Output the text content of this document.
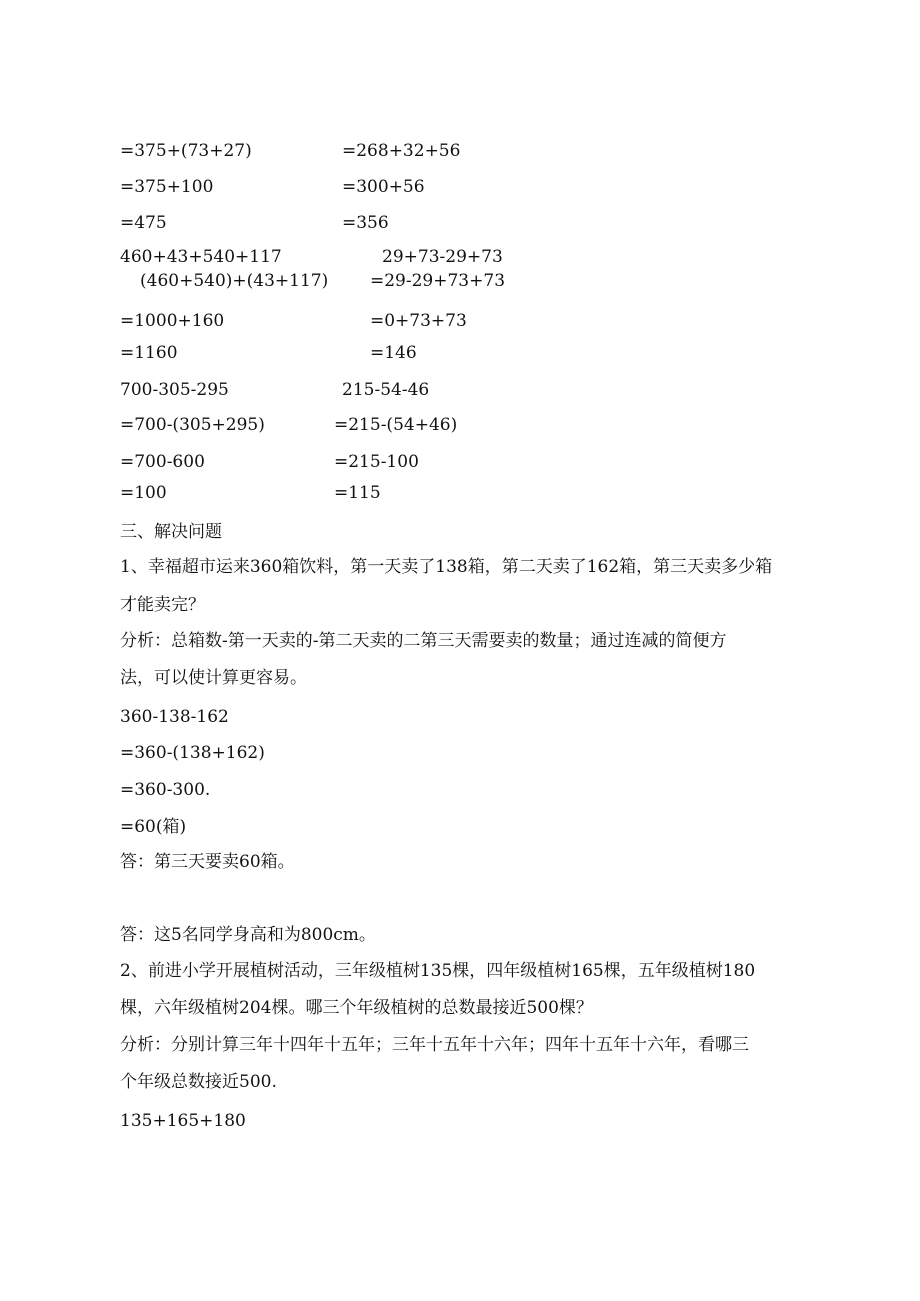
=375+(73+27)	=268+32+56
=375+100	=300+56
=475	=356
460+43+540+117	29+73-29+73
(460+540)+(43+117) =29-29+73+73
=1000+160	=0+73+73
=1160	=146
700-305-295	215-54-46
=700-(305+295)	=215-(54+46)
=700-600	=215-100
=100	=115
三、解决问题
1、幸福超市运来360箱饮料，第一天卖了138箱，第二天卖了162箱，第三天卖多少箱
才能卖完？
分析：总箱数-第一天卖的-第二天卖的二第三天需要卖的数量；通过连减的简便方
法，可以使计算更容易。
360-138-162
=360-(138+162)
=360-300.
=60(箱)
答：第三天要卖60箱。
答：这5名同学身高和为800cm。
2、前进小学开展植树活动，三年级植树135棵，四年级植树165棵，五年级植树180
棵，六年级植树204棵。哪三个年级植树的总数最接近500棵？
分析：分别计算三年十四年十五年；三年十五年十六年；四年十五年十六年，看哪三
个年级总数接近500.
135+165+180
